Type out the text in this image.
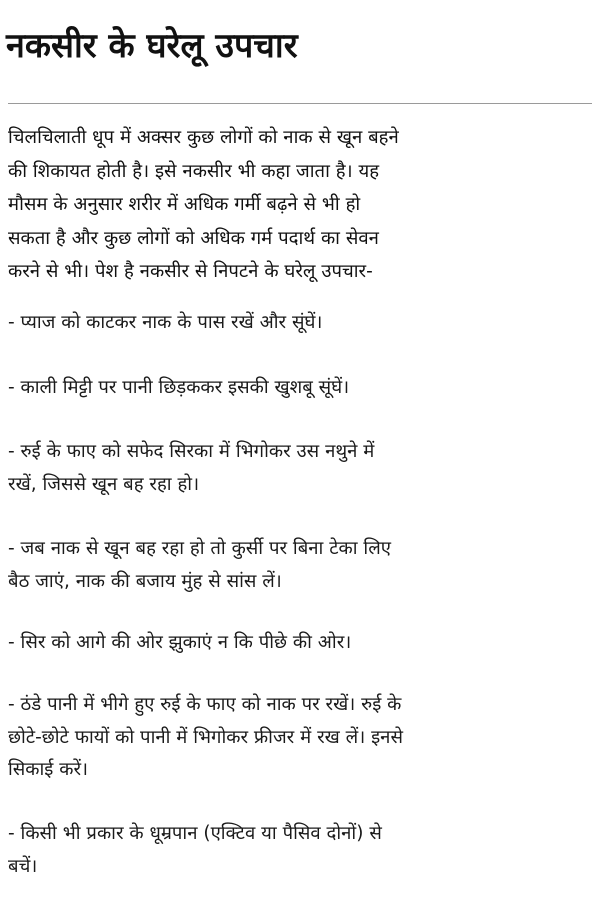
नकसीर के घरेलू उपचार

चिलचिलाती धूप में अक्सर कुछ लोगों को नाक से खून बहने
की शिकायत होती है। इसे नकसीर भी कहा जाता है। यह
मौसम के अनुसार शरीर में अधिक गर्मी बढ़ने से भी हो
सकता है और कुछ लोगों को अधिक गर्म पदार्थ का सेवन
करने से भी। पेश है नकसीर से निपटने के घरेलू उपचार-

- प्याज को काटकर नाक के पास रखें और सूंघें।
- काली मिट्टी पर पानी छिड़ककर इसकी खुशबू सूंघें।
- रुई के फाए को सफेद सिरका में भिगोकर उस नथुने में
रखें, जिससे खून बह रहा हो।
- जब नाक से खून बह रहा हो तो कुर्सी पर बिना टेका लिए
बैठ जाएं, नाक की बजाय मुंह से सांस लें।
- सिर को आगे की ओर झुकाएं न कि पीछे की ओर।
- ठंडे पानी में भीगे हुए रुई के फाए को नाक पर रखें। रुई के
छोटे-छोटे फायों को पानी में भिगोकर फ्रीजर में रख लें। इनसे
सिकाई करें।
- किसी भी प्रकार के धूम्रपान (एक्टिव या पैसिव दोनों) से
बचें।
